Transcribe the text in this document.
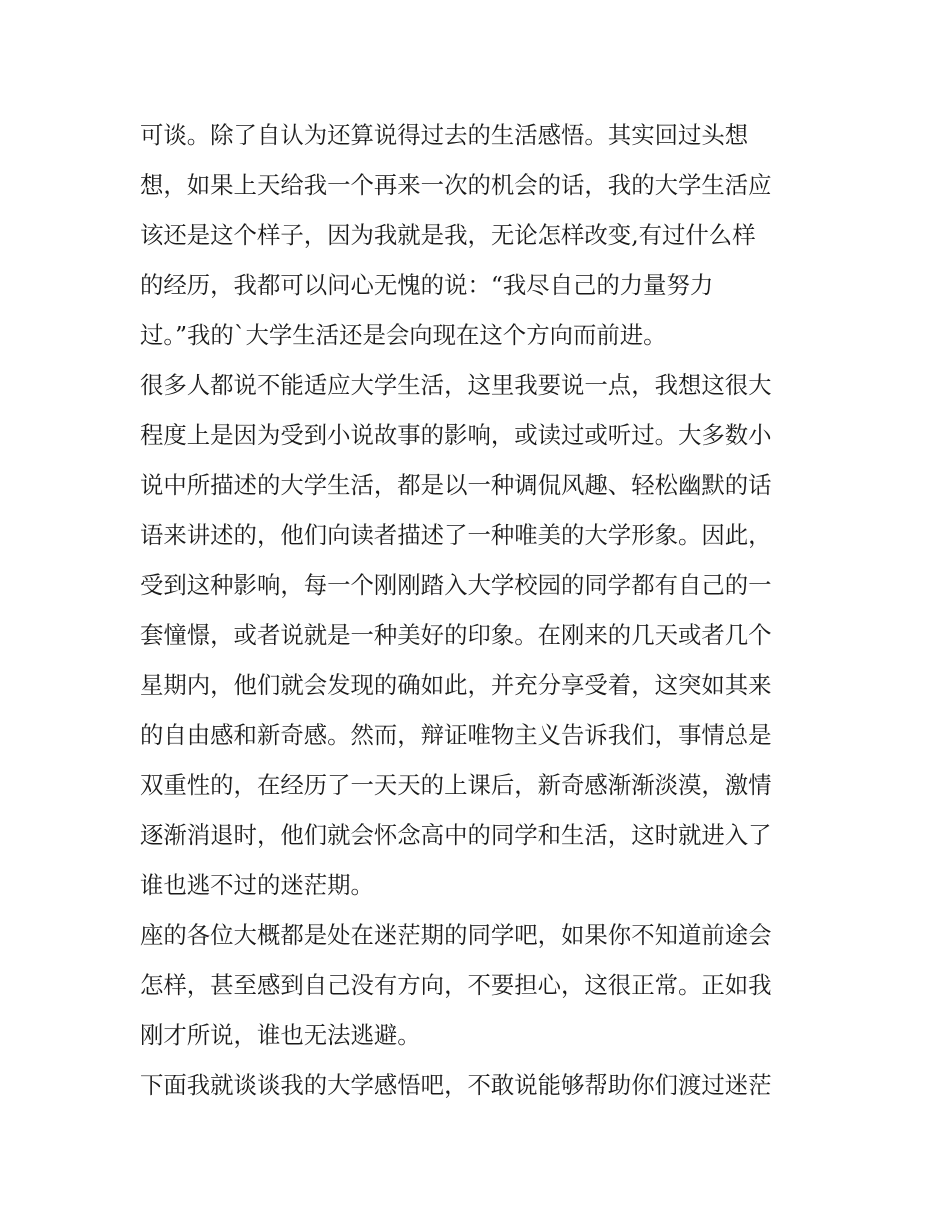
可谈。除了自认为还算说得过去的生活感悟。其实回过头想
想，如果上天给我一个再来一次的机会的话，我的大学生活应
该还是这个样子，因为我就是我，无论怎样改变,有过什么样
的经历，我都可以问心无愧的说：“我尽自己的力量努力
过。”我的`大学生活还是会向现在这个方向而前进。
很多人都说不能适应大学生活，这里我要说一点，我想这很大
程度上是因为受到小说故事的影响，或读过或听过。大多数小
说中所描述的大学生活，都是以一种调侃风趣、轻松幽默的话
语来讲述的，他们向读者描述了一种唯美的大学形象。因此，
受到这种影响，每一个刚刚踏入大学校园的同学都有自己的一
套憧憬，或者说就是一种美好的印象。在刚来的几天或者几个
星期内，他们就会发现的确如此，并充分享受着，这突如其来
的自由感和新奇感。然而，辩证唯物主义告诉我们，事情总是
双重性的，在经历了一天天的上课后，新奇感渐渐淡漠，激情
逐渐消退时，他们就会怀念高中的同学和生活，这时就进入了
谁也逃不过的迷茫期。
座的各位大概都是处在迷茫期的同学吧，如果你不知道前途会
怎样，甚至感到自己没有方向，不要担心，这很正常。正如我
刚才所说，谁也无法逃避。
下面我就谈谈我的大学感悟吧，不敢说能够帮助你们渡过迷茫
